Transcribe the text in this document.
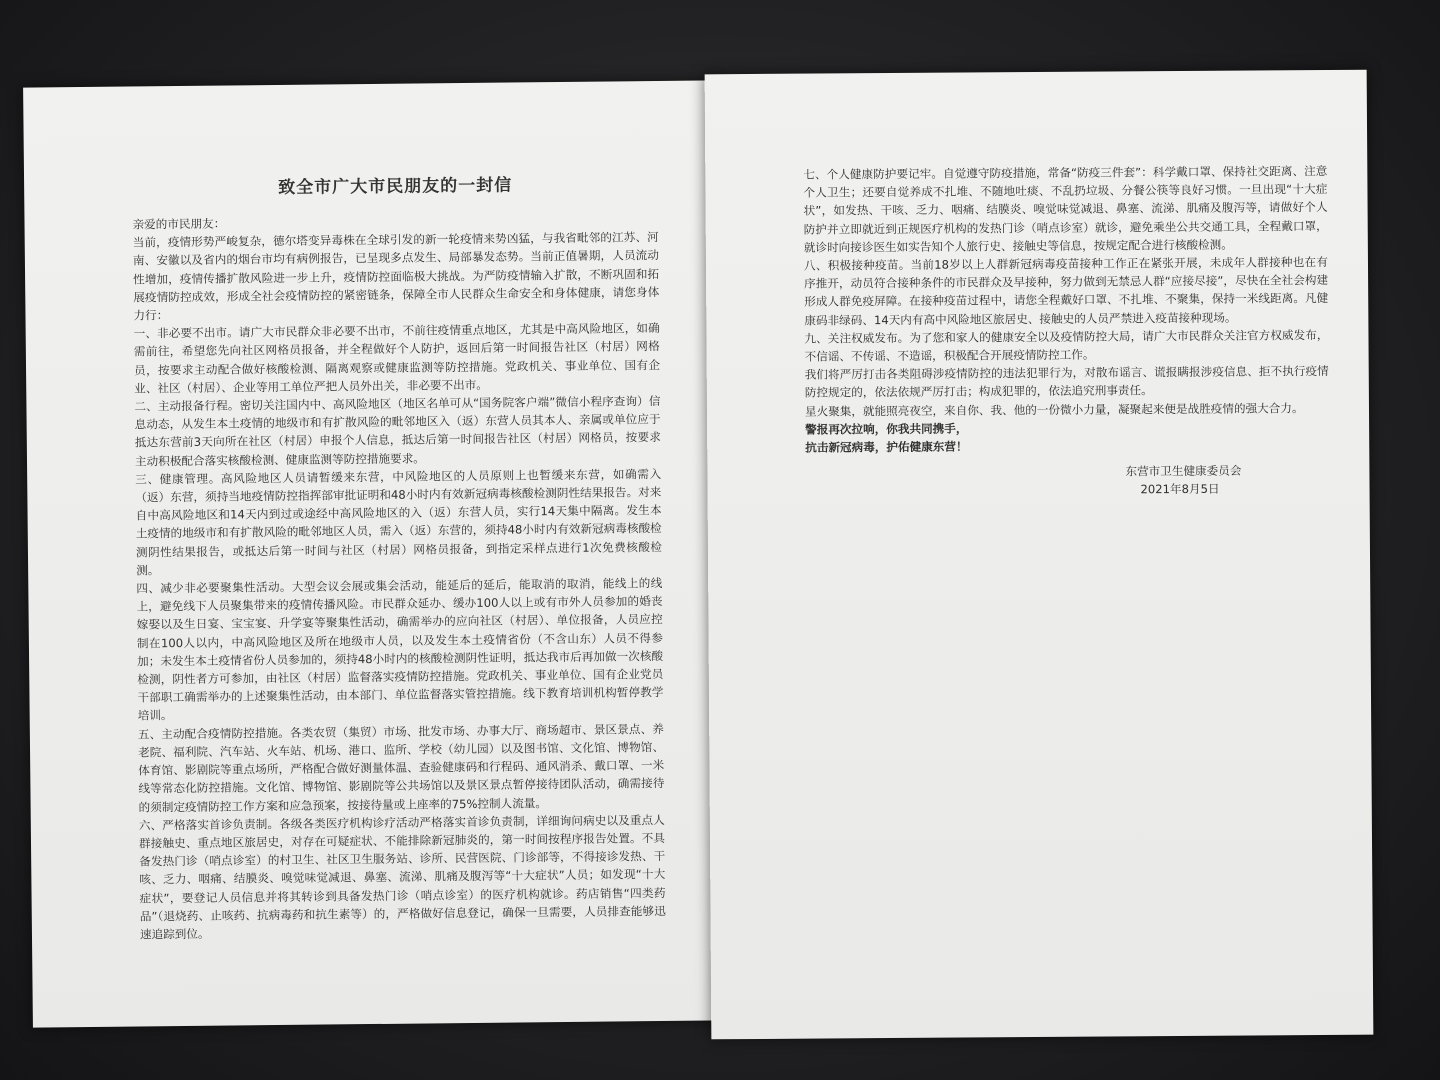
致全市广大市民朋友的一封信

亲爱的市民朋友：

当前，疫情形势严峻复杂，德尔塔变异毒株在全球引发的新一轮疫情来势凶猛，与我省毗邻的江苏、河南、安徽以及省内的烟台市均有病例报告，已呈现多点发生、局部暴发态势。当前正值暑期，人员流动性增加，疫情传播扩散风险进一步上升，疫情防控面临极大挑战。为严防疫情输入扩散，不断巩固和拓展疫情防控成效，形成全社会疫情防控的紧密链条，保障全市人民群众生命安全和身体健康，请您身体力行：

一、非必要不出市。请广大市民群众非必要不出市，不前往疫情重点地区，尤其是中高风险地区，如确需前往，希望您先向社区网格员报备，并全程做好个人防护，返回后第一时间报告社区（村居）网格员，按要求主动配合做好核酸检测、隔离观察或健康监测等防控措施。党政机关、事业单位、国有企业、社区（村居）、企业等用工单位严把人员外出关，非必要不出市。

二、主动报备行程。密切关注国内中、高风险地区（地区名单可从“国务院客户端”微信小程序查询）信息动态，从发生本土疫情的地级市和有扩散风险的毗邻地区入（返）东营人员其本人、亲属或单位应于抵达东营前3天向所在社区（村居）申报个人信息，抵达后第一时间报告社区（村居）网格员，按要求主动积极配合落实核酸检测、健康监测等防控措施要求。

三、健康管理。高风险地区人员请暂缓来东营，中风险地区的人员原则上也暂缓来东营，如确需入（返）东营，须持当地疫情防控指挥部审批证明和48小时内有效新冠病毒核酸检测阴性结果报告。对来自中高风险地区和14天内到过或途经中高风险地区的入（返）东营人员，实行14天集中隔离。发生本土疫情的地级市和有扩散风险的毗邻地区人员，需入（返）东营的，须持48小时内有效新冠病毒核酸检测阴性结果报告，或抵达后第一时间与社区（村居）网格员报备，到指定采样点进行1次免费核酸检测。

四、减少非必要聚集性活动。大型会议会展或集会活动，能延后的延后，能取消的取消，能线上的线上，避免线下人员聚集带来的疫情传播风险。市民群众延办、缓办100人以上或有市外人员参加的婚丧嫁娶以及生日宴、宝宝宴、升学宴等聚集性活动，确需举办的应向社区（村居）、单位报备，人员应控制在100人以内，中高风险地区及所在地级市人员，以及发生本土疫情省份（不含山东）人员不得参加；未发生本土疫情省份人员参加的，须持48小时内的核酸检测阴性证明，抵达我市后再加做一次核酸检测，阴性者方可参加，由社区（村居）监督落实疫情防控措施。党政机关、事业单位、国有企业党员干部职工确需举办的上述聚集性活动，由本部门、单位监督落实管控措施。线下教育培训机构暂停教学培训。

五、主动配合疫情防控措施。各类农贸（集贸）市场、批发市场、办事大厅、商场超市、景区景点、养老院、福利院、汽车站、火车站、机场、港口、监所、学校（幼儿园）以及图书馆、文化馆、博物馆、体育馆、影剧院等重点场所，严格配合做好测量体温、查验健康码和行程码、通风消杀、戴口罩、一米线等常态化防控措施。文化馆、博物馆、影剧院等公共场馆以及景区景点暂停接待团队活动，确需接待的须制定疫情防控工作方案和应急预案，按接待量或上座率的75%控制人流量。

六、严格落实首诊负责制。各级各类医疗机构诊疗活动严格落实首诊负责制，详细询问病史以及重点人群接触史、重点地区旅居史，对存在可疑症状、不能排除新冠肺炎的，第一时间按程序报告处置。不具备发热门诊（哨点诊室）的村卫生、社区卫生服务站、诊所、民营医院、门诊部等，不得接诊发热、干咳、乏力、咽痛、结膜炎、嗅觉味觉减退、鼻塞、流涕、肌痛及腹泻等“十大症状”人员；如发现“十大症状”，要登记人员信息并将其转诊到具备发热门诊（哨点诊室）的医疗机构就诊。药店销售“四类药品”（退烧药、止咳药、抗病毒药和抗生素等）的，严格做好信息登记，确保一旦需要，人员排查能够迅速追踪到位。

七、个人健康防护要记牢。自觉遵守防疫措施，常备“防疫三件套”：科学戴口罩、保持社交距离、注意个人卫生；还要自觉养成不扎堆、不随地吐痰、不乱扔垃圾、分餐公筷等良好习惯。一旦出现“十大症状”，如发热、干咳、乏力、咽痛、结膜炎、嗅觉味觉减退、鼻塞、流涕、肌痛及腹泻等，请做好个人防护并立即就近到正规医疗机构的发热门诊（哨点诊室）就诊，避免乘坐公共交通工具，全程戴口罩，就诊时向接诊医生如实告知个人旅行史、接触史等信息，按规定配合进行核酸检测。

八、积极接种疫苗。当前18岁以上人群新冠病毒疫苗接种工作正在紧张开展，未成年人群接种也在有序推开，动员符合接种条件的市民群众及早接种，努力做到无禁忌人群“应接尽接”，尽快在全社会构建形成人群免疫屏障。在接种疫苗过程中，请您全程戴好口罩、不扎堆、不聚集，保持一米线距离。凡健康码非绿码、14天内有高中风险地区旅居史、接触史的人员严禁进入疫苗接种现场。

九、关注权威发布。为了您和家人的健康安全以及疫情防控大局，请广大市民群众关注官方权威发布，不信谣、不传谣、不造谣，积极配合开展疫情防控工作。

我们将严厉打击各类阻碍涉疫情防控的违法犯罪行为，对散布谣言、谎报瞒报涉疫信息、拒不执行疫情防控规定的，依法依规严厉打击；构成犯罪的，依法追究刑事责任。

星火聚集，就能照亮夜空，来自你、我、他的一份微小力量，凝聚起来便是战胜疫情的强大合力。

警报再次拉响，你我共同携手，

抗击新冠病毒，护佑健康东营！

东营市卫生健康委员会

2021年8月5日
